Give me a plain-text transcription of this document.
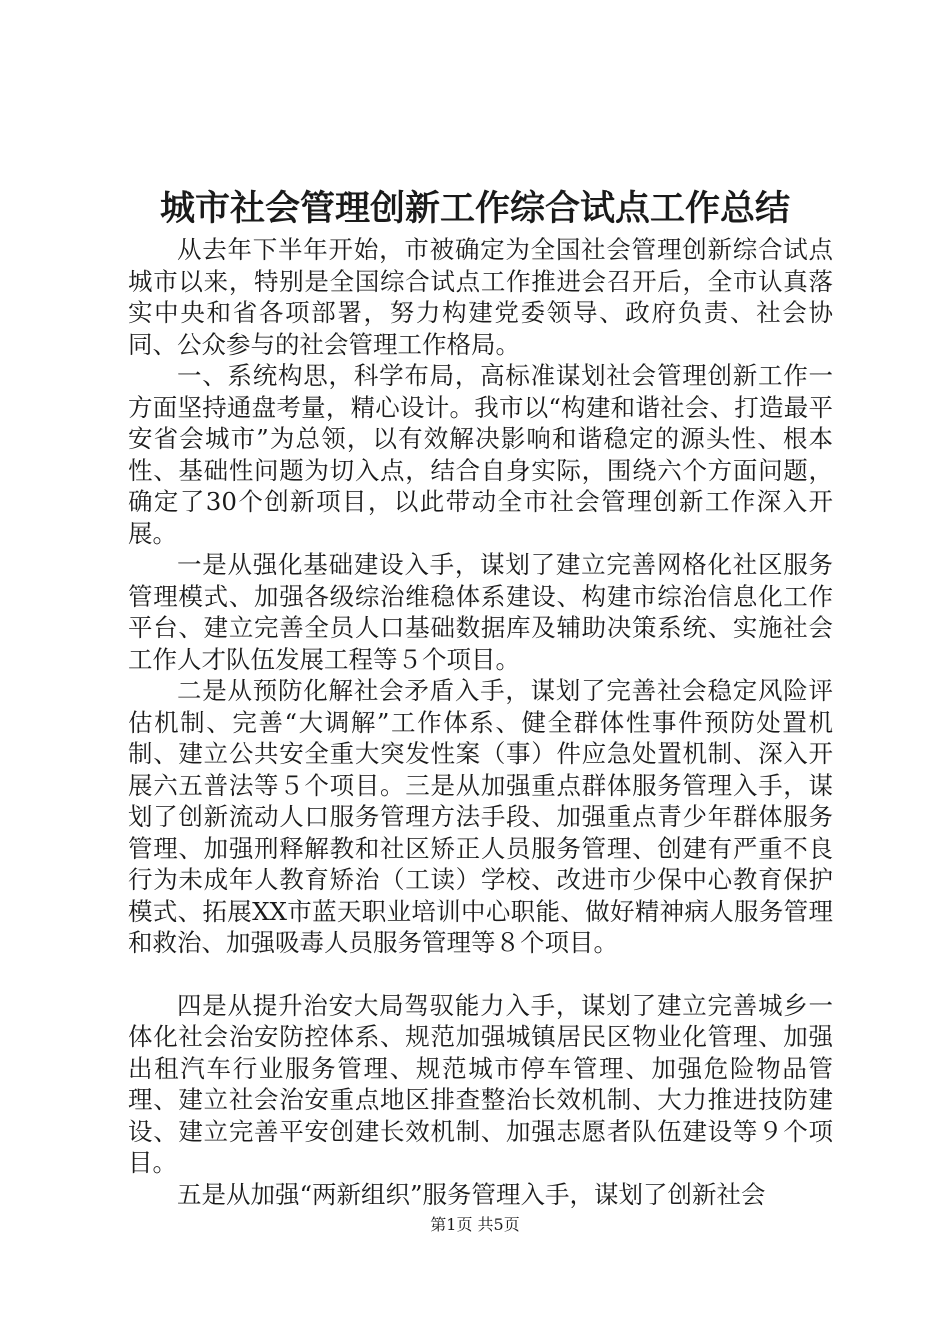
城市社会管理创新工作综合试点工作总结

从去年下半年开始，市被确定为全国社会管理创新综合试点城市以来，特别是全国综合试点工作推进会召开后，全市认真落实中央和省各项部署，努力构建党委领导、政府负责、社会协同、公众参与的社会管理工作格局。

一、系统构思，科学布局，高标准谋划社会管理创新工作一方面坚持通盘考量，精心设计。我市以“构建和谐社会、打造最平安省会城市”为总领，以有效解决影响和谐稳定的源头性、根本性、基础性问题为切入点，结合自身实际，围绕六个方面问题，确定了30个创新项目，以此带动全市社会管理创新工作深入开展。

一是从强化基础建设入手，谋划了建立完善网格化社区服务管理模式、加强各级综治维稳体系建设、构建市综治信息化工作平台、建立完善全员人口基础数据库及辅助决策系统、实施社会工作人才队伍发展工程等５个项目。

二是从预防化解社会矛盾入手，谋划了完善社会稳定风险评估机制、完善“大调解”工作体系、健全群体性事件预防处置机制、建立公共安全重大突发性案（事）件应急处置机制、深入开展六五普法等５个项目。三是从加强重点群体服务管理入手，谋划了创新流动人口服务管理方法手段、加强重点青少年群体服务管理、加强刑释解教和社区矫正人员服务管理、创建有严重不良行为未成年人教育矫治（工读）学校、改进市少保中心教育保护模式、拓展XX市蓝天职业培训中心职能、做好精神病人服务管理和救治、加强吸毒人员服务管理等８个项目。

四是从提升治安大局驾驭能力入手，谋划了建立完善城乡一体化社会治安防控体系、规范加强城镇居民区物业化管理、加强出租汽车行业服务管理、规范城市停车管理、加强危险物品管理、建立社会治安重点地区排查整治长效机制、大力推进技防建设、建立完善平安创建长效机制、加强志愿者队伍建设等９个项目。

五是从加强“两新组织”服务管理入手，谋划了创新社会

第1页 共5页
